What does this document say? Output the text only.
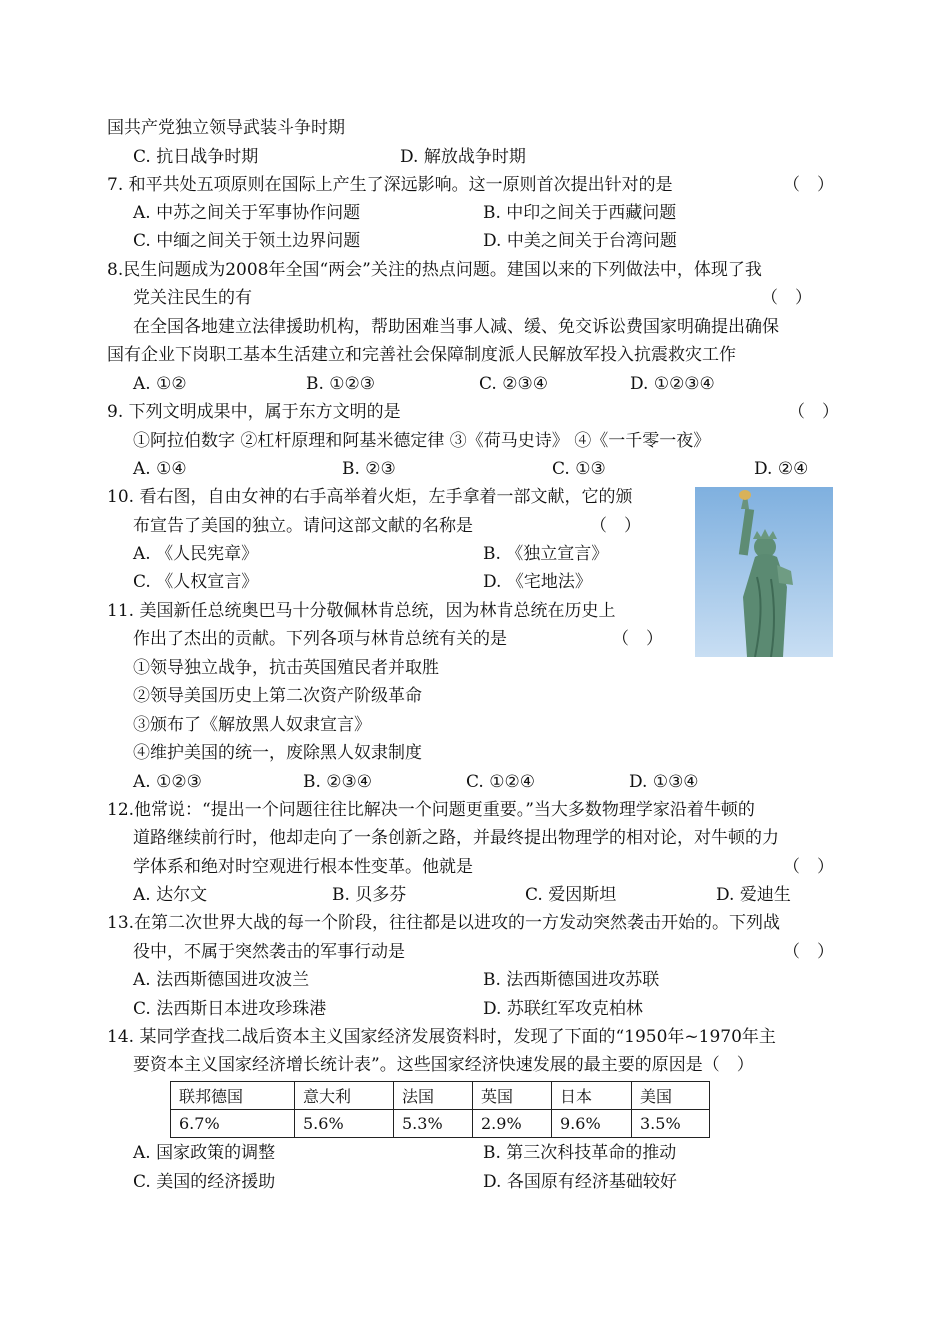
国共产党独立领导武装斗争时期
C. 抗日战争时期	D. 解放战争时期
7. 和平共处五项原则在国际上产生了深远影响。这一原则首次提出针对的是	（　）
A. 中苏之间关于军事协作问题	B. 中印之间关于西藏问题
C. 中缅之间关于领土边界问题	D. 中美之间关于台湾问题
8.民生问题成为2008年全国“两会”关注的热点问题。建国以来的下列做法中，体现了我
党关注民生的有	（　）
在全国各地建立法律援助机构，帮助困难当事人减、缓、免交诉讼费国家明确提出确保
国有企业下岗职工基本生活建立和完善社会保障制度派人民解放军投入抗震救灾工作
A. ①②	B. ①②③	C. ②③④	D. ①②③④
9. 下列文明成果中，属于东方文明的是	（　）
①阿拉伯数字 ②杠杆原理和阿基米德定律 ③《荷马史诗》 ④《一千零一夜》
A. ①④	B. ②③	C. ①③	D. ②④
10. 看右图，自由女神的右手高举着火炬，左手拿着一部文献，它的颁
布宣告了美国的独立。请问这部文献的名称是	（　）
A. 《人民宪章》	B. 《独立宣言》
C. 《人权宣言》	D. 《宅地法》
11. 美国新任总统奥巴马十分敬佩林肯总统，因为林肯总统在历史上
作出了杰出的贡献。下列各项与林肯总统有关的是	（　）
①领导独立战争，抗击英国殖民者并取胜
②领导美国历史上第二次资产阶级革命
③颁布了《解放黑人奴隶宣言》
④维护美国的统一，废除黑人奴隶制度
A. ①②③	B. ②③④	C. ①②④	D. ①③④
12.他常说：“提出一个问题往往比解决一个问题更重要。”当大多数物理学家沿着牛顿的
道路继续前行时，他却走向了一条创新之路，并最终提出物理学的相对论，对牛顿的力
学体系和绝对时空观进行根本性变革。他就是	（　）
A. 达尔文	B. 贝多芬	C. 爱因斯坦	D. 爱迪生
13.在第二次世界大战的每一个阶段，往往都是以进攻的一方发动突然袭击开始的。下列战
役中，不属于突然袭击的军事行动是	（　）
A. 法西斯德国进攻波兰	B. 法西斯德国进攻苏联
C. 法西斯日本进攻珍珠港	D. 苏联红军攻克柏林
14. 某同学查找二战后资本主义国家经济发展资料时，发现了下面的“1950年~1970年主
要资本主义国家经济增长统计表”。这些国家经济快速发展的最主要的原因是（　）
联邦德国	意大利	法国	英国	日本	美国
6.7%	5.6%	5.3%	2.9%	9.6%	3.5%
A. 国家政策的调整	B. 第三次科技革命的推动
C. 美国的经济援助	D. 各国原有经济基础较好
